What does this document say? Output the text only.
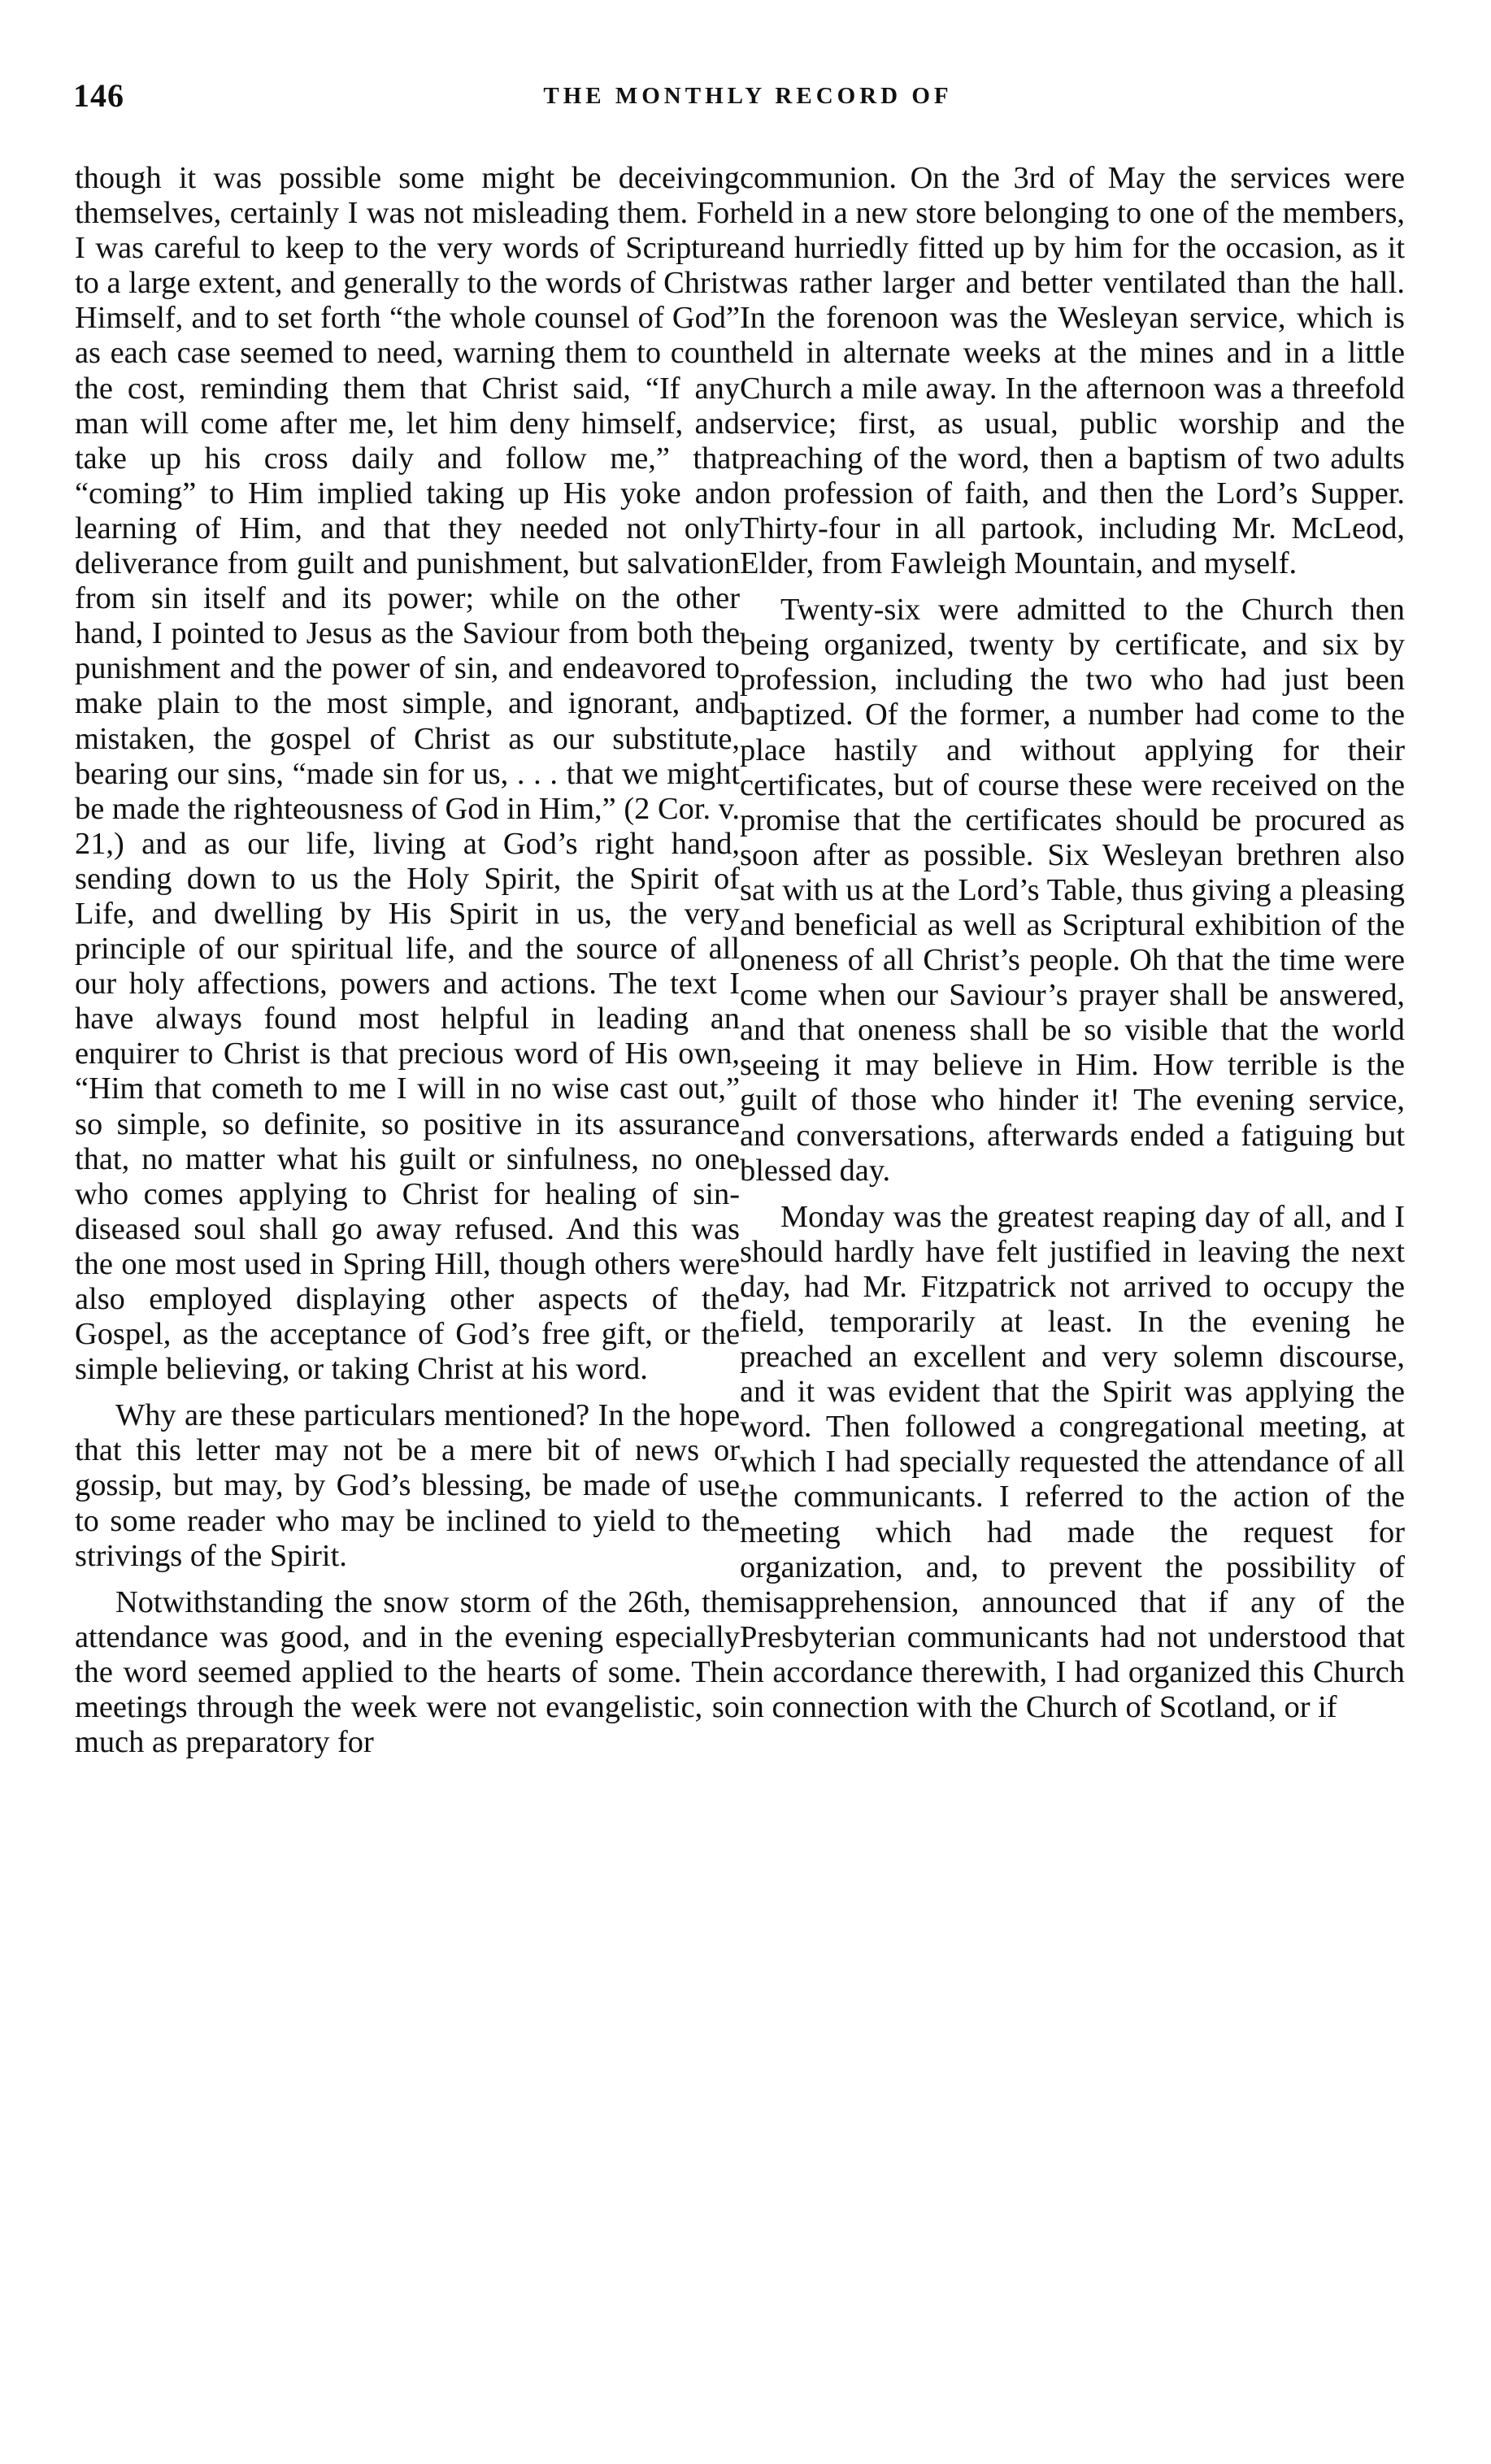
146	THE MONTHLY RECORD OF

though it was possible some might be deceiving themselves, certainly I was not misleading them. For I was careful to keep to the very words of Scripture to a large extent, and generally to the words of Christ Himself, and to set forth “the whole counsel of God” as each case seemed to need, warning them to count the cost, reminding them that Christ said, “If any man will come after me, let him deny himself, and take up his cross daily and follow me,” that “coming” to Him implied taking up His yoke and learning of Him, and that they needed not only deliverance from guilt and punishment, but salvation from sin itself and its power; while on the other hand, I pointed to Jesus as the Saviour from both the punishment and the power of sin, and endeavored to make plain to the most simple, and ignorant, and mistaken, the gospel of Christ as our substitute, bearing our sins, “made sin for us, . . . that we might be made the righteousness of God in Him,” (2 Cor. v. 21,) and as our life, living at God’s right hand, sending down to us the Holy Spirit, the Spirit of Life, and dwelling by His Spirit in us, the very principle of our spiritual life, and the source of all our holy affections, powers and actions. The text I have always found most helpful in leading an enquirer to Christ is that precious word of His own, “Him that cometh to me I will in no wise cast out,” so simple, so definite, so positive in its assurance that, no matter what his guilt or sinfulness, no one who comes applying to Christ for healing of sin-diseased soul shall go away refused. And this was the one most used in Spring Hill, though others were also employed displaying other aspects of the Gospel, as the acceptance of God’s free gift, or the simple believing, or taking Christ at his word.

Why are these particulars mentioned? In the hope that this letter may not be a mere bit of news or gossip, but may, by God’s blessing, be made of use to some reader who may be inclined to yield to the strivings of the Spirit.

Notwithstanding the snow storm of the 26th, the attendance was good, and in the evening especially the word seemed applied to the hearts of some. The meetings through the week were not evangelistic, so much as preparatory for

communion. On the 3rd of May the services were held in a new store belonging to one of the members, and hurriedly fitted up by him for the occasion, as it was rather larger and better ventilated than the hall. In the forenoon was the Wesleyan service, which is held in alternate weeks at the mines and in a little Church a mile away. In the afternoon was a threefold service; first, as usual, public worship and the preaching of the word, then a baptism of two adults on profession of faith, and then the Lord’s Supper. Thirty-four in all partook, including Mr. McLeod, Elder, from Fawleigh Mountain, and myself.

Twenty-six were admitted to the Church then being organized, twenty by certificate, and six by profession, including the two who had just been baptized. Of the former, a number had come to the place hastily and without applying for their certificates, but of course these were received on the promise that the certificates should be procured as soon after as possible. Six Wesleyan brethren also sat with us at the Lord’s Table, thus giving a pleasing and beneficial as well as Scriptural exhibition of the oneness of all Christ’s people. Oh that the time were come when our Saviour’s prayer shall be answered, and that oneness shall be so visible that the world seeing it may believe in Him. How terrible is the guilt of those who hinder it! The evening service, and conversations, afterwards ended a fatiguing but blessed day.

Monday was the greatest reaping day of all, and I should hardly have felt justified in leaving the next day, had Mr. Fitzpatrick not arrived to occupy the field, temporarily at least. In the evening he preached an excellent and very solemn discourse, and it was evident that the Spirit was applying the word. Then followed a congregational meeting, at which I had specially requested the attendance of all the communicants. I referred to the action of the meeting which had made the request for organization, and, to prevent the possibility of misapprehension, announced that if any of the Presbyterian communicants had not understood that in accordance therewith, I had organized this Church in connection with the Church of Scotland, or if
